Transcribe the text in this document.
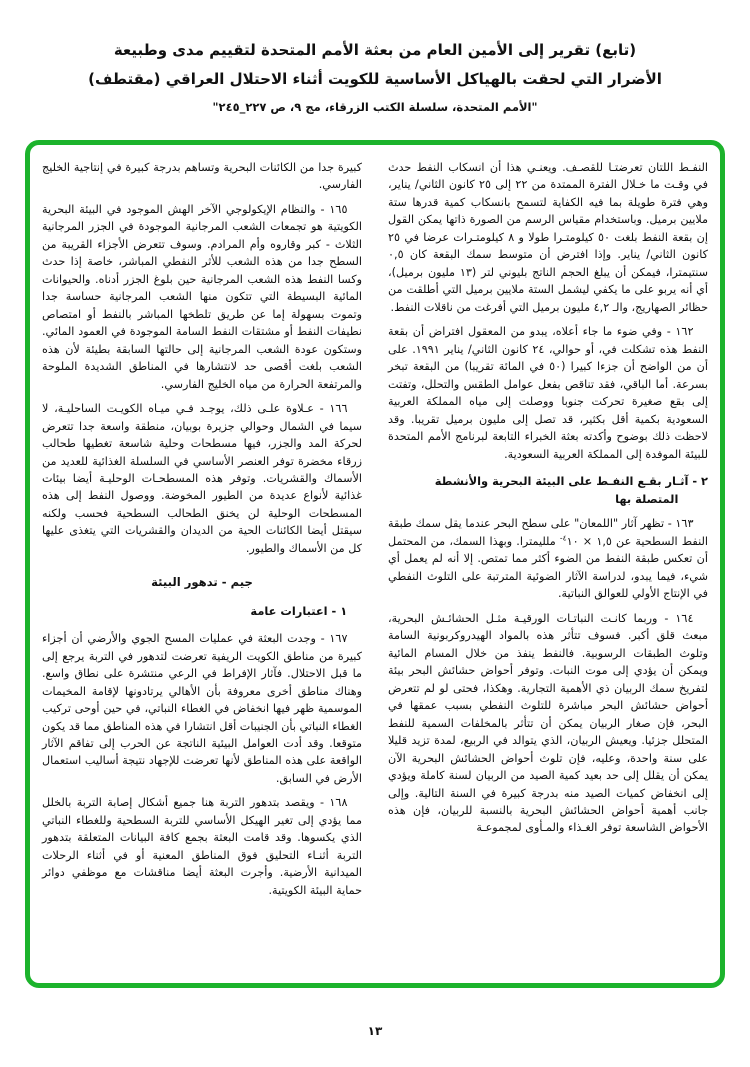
(تابع) تقرير إلى الأمين العام من بعثة الأمم المتحدة لتقييم مدى وطبيعة
الأضرار التي لحقت بالهياكل الأساسية للكويت أثناء الاحتلال العراقي (مقتطف)
"الأمم المتحدة، سلسلة الكتب الزرقاء، مج ٩، ص ٢٢٧_٢٤٥"

النفـط اللتان تعرضتـا للقصـف. ويعنـي هذا أن انسكاب النفط حدث في وقـت ما خـلال الفترة الممتدة من ٢٢ إلى ٢٥ كانون الثاني/ يناير، وهي فترة طويلة بما فيه الكفاية لتسمح بانسكاب كمية قدرها ستة ملايين برميل. وباستخدام مقياس الرسم من الصورة ذاتها يمكن القول إن بقعة النفط بلغت ٥٠ كيلومتـرا طولا و ٨ كيلومتـرات عرضا في ٢٥ كانون الثاني/ يناير. وإذا افترض أن متوسط سمك البقعة كان ٠,٥ سنتيمترا، فيمكن أن يبلغ الحجم الناتج بليوني لتر (١٣ مليون برميل)، أي أنه يربو على ما يكفي ليشمل الستة ملايين برميل التي أطلقت من حظائر الصهاريج، والـ ٤,٢ مليون برميل التي أفرغت من ناقلات النفط.

١٦٢ - وفي ضوء ما جاء أعلاه، يبدو من المعقول افتراض أن بقعة النفط هذه تشكلت في، أو حوالي، ٢٤ كانون الثاني/ يناير ١٩٩١. على أن من الواضح أن جزءا كبيرا (٥٠ في المائة تقريبا) من البقعة تبخر بسرعة. أما الباقي، فقد تناقص بفعل عوامل الطقس والتحلل، وتفتت إلى بقع صغيرة تحركت جنوبا ووصلت إلى مياه المملكة العربية السعودية بكمية أقل بكثير، قد تصل إلى مليون برميل تقريبا. وقد لاحظت ذلك بوضوح وأكدته بعثة الخبراء التابعة لبرنامج الأمم المتحدة للبيئة الموفدة إلى المملكة العربية السعودية.

٢ - آثـار بقـع النفـط على البيئة البحرية والأنشطة المتصلة بها

١٦٣ - تظهر آثار "اللمعان" على سطح البحر عندما يقل سمك طبقة النفط السطحية عن ١,٥ × $١٠^{-٤}$ ملليمترا. وبهذا السمك، من المحتمل أن تعكس طبقة النفط من الضوء أكثر مما تمتص. إلا أنه لم يعمل أي شيء، فيما يبدو، لدراسة الآثار الضوئية المترتبة على التلوث النفطي في الإنتاج الأولي للعوالق النباتية.

١٦٤ - وربما كانـت النباتـات الورقيـة مثـل الحشائـش البحرية، مبعث قلق أكبر. فسوف تتأثر هذه بالمواد الهيدروكربونية السامة وتلوث الطبقات الرسوبية. فالنفط ينفذ من خلال المسام المائية ويمكن أن يؤدي إلى موت النبات. وتوفر أحواض حشائش البحر بيئة لتفريخ سمك الربيان ذي الأهمية التجارية. وهكذا، فحتى لو لم تتعرض أحواض حشائش البحر مباشرة للتلوث النفطي بسبب عمقها في البحر، فإن صغار الربيان يمكن أن تتأثر بالمخلفات السمية للنفط المتحلل جزئيا. ويعيش الربيان، الذي يتوالد في الربيع، لمدة تزيد قليلا على سنة واحدة، وعليه، فإن تلوث أحواض الحشائش البحرية الآن يمكن أن يقلل إلى حد بعيد كمية الصيد من الربيان لسنة كاملة ويؤدي إلى انخفاض كميات الصيد منه بدرجة كبيرة في السنة التالية. وإلى جانب أهمية أحواض الحشائش البحرية بالنسبة للربيان، فإن هذه الأحواض الشاسعة توفر الغـذاء والمـأوى لمجموعـة

كبيرة جدا من الكائنات البحرية وتساهم بدرجة كبيرة في إنتاجية الخليج الفارسي.

١٦٥ - والنظام الإيكولوجي الآخر الهش الموجود في البيئة البحرية الكويتية هو تجمعات الشعب المرجانية الموجودة في الجزر المرجانية الثلاث - كبر وقاروه وأم المرادم. وسوف تتعرض الأجزاء القريبة من السطح جدا من هذه الشعب للأثر النفطي المباشر، خاصة إذا حدث وكسا النفط هذه الشعب المرجانية حين بلوغ الجزر أدناه. والحيوانات المائية البسيطة التي تتكون منها الشعب المرجانية حساسة جدا وتموت بسهولة إما عن طريق تلطخها المباشر بالنفط أو امتصاص نطيفات النفط أو مشتقات النفط السامة الموجودة في العمود المائي. وستكون عودة الشعب المرجانية إلى حالتها السابقة بطيئة لأن هذه الشعب بلغت أقصى حد لانتشارها في المناطق الشديدة الملوحة والمرتفعة الحرارة من مياه الخليج الفارسي.

١٦٦ - عـلاوة علـى ذلك، يوجـد فـي ميـاه الكويـت الساحليـة، لا سيما في الشمال وحوالي جزيرة بوبيان، منطقة واسعة جدا تتعرض لحركة المد والجزر، فيها مسطحات وحلية شاسعة تغطيها طحالب زرقاء مخضرة توفر العنصر الأساسي في السلسلة الغذائية للعديد من الأسماك والقشريات. وتوفر هذه المسطحـات الوحليـة أيضا بيئات غذائية لأنواع عديدة من الطيور المخوضة. ووصول النفط إلى هذه المسطحات الوحلية لن يخنق الطحالب السطحية فحسب ولكنه سيقتل أيضا الكائنات الحية من الديدان والقشريات التي يتغذى عليها كل من الأسماك والطيور.

جيم - تدهور البيئة
١ - اعتبارات عامة

١٦٧ - وجدت البعثة في عمليات المسح الجوي والأرضي أن أجزاء كبيرة من مناطق الكويت الريفية تعرضت لتدهور في التربة يرجع إلى ما قبل الاحتلال. فآثار الإفراط في الرعي منتشرة على نطاق واسع. وهناك مناطق أخرى معروفة بأن الأهالي يرتادونها لإقامة المخيمات الموسمية ظهر فيها انخفاض في الغطاء النباتي، في حين أوحى تركيب الغطاء النباتي بأن الجنيبات أقل انتشارا في هذه المناطق مما قد يكون متوقعا. وقد أدت العوامل البيئية الناتجة عن الحرب إلى تفاقم الآثار الواقعة على هذه المناطق لأنها تعرضت للإجهاد نتيجة أساليب استعمال الأرض في السابق.

١٦٨ - ويقصد بتدهور التربة هنا جميع أشكال إصابة التربة بالخلل مما يؤدي إلى تغير الهيكل الأساسي للتربة السطحية وللغطاء النباتي الذي يكسوها. وقد قامت البعثة بجمع كافة البيانات المتعلقة بتدهور التربة أثنـاء التحليق فوق المناطق المعنية أو في أثناء الرحلات الميدانية الأرضية. وأجرت البعثة أيضا مناقشات مع موظفي دوائر حماية البيئة الكويتية.

١٣
